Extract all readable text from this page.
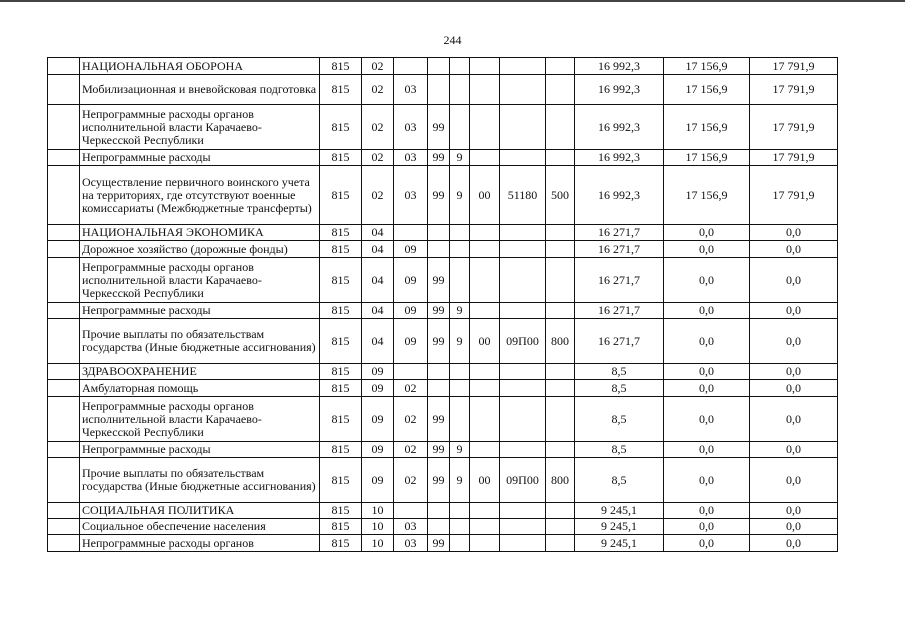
244
	НАЦИОНАЛЬНАЯ ОБОРОНА	815	02							16 992,3	17 156,9	17 791,9
	Мобилизационная и вневойсковая подготовка	815	02	03						16 992,3	17 156,9	17 791,9
	Непрограммные расходы органов исполнительной власти Карачаево-Черкесской Республики	815	02	03	99					16 992,3	17 156,9	17 791,9
	Непрограммные расходы	815	02	03	99	9				16 992,3	17 156,9	17 791,9
	Осуществление первичного воинского учета на территориях, где отсутствуют военные комиссариаты (Межбюджетные трансферты)	815	02	03	99	9	00	51180	500	16 992,3	17 156,9	17 791,9
	НАЦИОНАЛЬНАЯ ЭКОНОМИКА	815	04							16 271,7	0,0	0,0
	Дорожное хозяйство (дорожные фонды)	815	04	09						16 271,7	0,0	0,0
	Непрограммные расходы органов исполнительной власти Карачаево-Черкесской Республики	815	04	09	99					16 271,7	0,0	0,0
	Непрограммные расходы	815	04	09	99	9				16 271,7	0,0	0,0
	Прочие выплаты по обязательствам государства (Иные бюджетные ассигнования)	815	04	09	99	9	00	09П00	800	16 271,7	0,0	0,0
	ЗДРАВООХРАНЕНИЕ	815	09							8,5	0,0	0,0
	Амбулаторная помощь	815	09	02						8,5	0,0	0,0
	Непрограммные расходы органов исполнительной власти Карачаево-Черкесской Республики	815	09	02	99					8,5	0,0	0,0
	Непрограммные расходы	815	09	02	99	9				8,5	0,0	0,0
	Прочие выплаты по обязательствам государства (Иные бюджетные ассигнования)	815	09	02	99	9	00	09П00	800	8,5	0,0	0,0
	СОЦИАЛЬНАЯ ПОЛИТИКА	815	10							9 245,1	0,0	0,0
	Социальное обеспечение населения	815	10	03						9 245,1	0,0	0,0
	Непрограммные расходы органов	815	10	03	99					9 245,1	0,0	0,0
